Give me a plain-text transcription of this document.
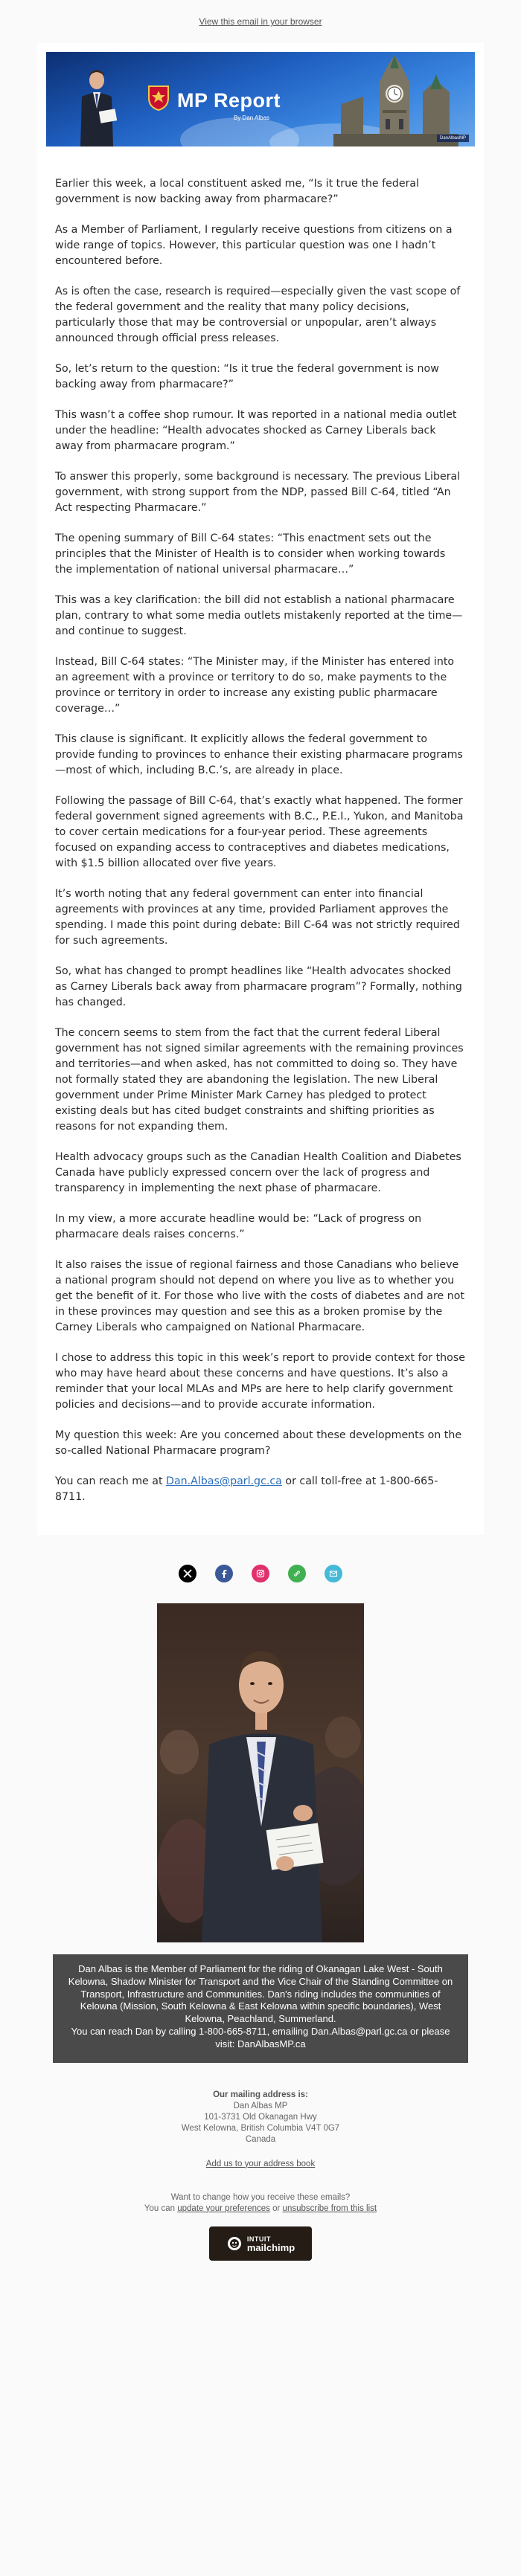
View this email in your browser
MP Report
By Dan Albas
DanAlbasMP

Earlier this week, a local constituent asked me, “Is it true the federal government is now backing away from pharmacare?”

As a Member of Parliament, I regularly receive questions from citizens on a wide range of topics. However, this particular question was one I hadn’t encountered before.

As is often the case, research is required—especially given the vast scope of the federal government and the reality that many policy decisions, particularly those that may be controversial or unpopular, aren’t always announced through official press releases.

So, let’s return to the question: “Is it true the federal government is now backing away from pharmacare?”

This wasn’t a coffee shop rumour. It was reported in a national media outlet under the headline: “Health advocates shocked as Carney Liberals back away from pharmacare program.”

To answer this properly, some background is necessary. The previous Liberal government, with strong support from the NDP, passed Bill C-64, titled “An Act respecting Pharmacare.”

The opening summary of Bill C-64 states: “This enactment sets out the principles that the Minister of Health is to consider when working towards the implementation of national universal pharmacare…”

This was a key clarification: the bill did not establish a national pharmacare plan, contrary to what some media outlets mistakenly reported at the time—and continue to suggest.

Instead, Bill C-64 states: “The Minister may, if the Minister has entered into an agreement with a province or territory to do so, make payments to the province or territory in order to increase any existing public pharmacare coverage…”

This clause is significant. It explicitly allows the federal government to provide funding to provinces to enhance their existing pharmacare programs—most of which, including B.C.’s, are already in place.

Following the passage of Bill C-64, that’s exactly what happened. The former federal government signed agreements with B.C., P.E.I., Yukon, and Manitoba to cover certain medications for a four-year period. These agreements focused on expanding access to contraceptives and diabetes medications, with $1.5 billion allocated over five years.

It’s worth noting that any federal government can enter into financial agreements with provinces at any time, provided Parliament approves the spending. I made this point during debate: Bill C-64 was not strictly required for such agreements.

So, what has changed to prompt headlines like “Health advocates shocked as Carney Liberals back away from pharmacare program”? Formally, nothing has changed.

The concern seems to stem from the fact that the current federal Liberal government has not signed similar agreements with the remaining provinces and territories—and when asked, has not committed to doing so. They have not formally stated they are abandoning the legislation. The new Liberal government under Prime Minister Mark Carney has pledged to protect existing deals but has cited budget constraints and shifting priorities as reasons for not expanding them.

Health advocacy groups such as the Canadian Health Coalition and Diabetes Canada have publicly expressed concern over the lack of progress and transparency in implementing the next phase of pharmacare.

In my view, a more accurate headline would be: “Lack of progress on pharmacare deals raises concerns.”

It also raises the issue of regional fairness and those Canadians who believe a national program should not depend on where you live as to whether you get the benefit of it. For those who live with the costs of diabetes and are not in these provinces may question and see this as a broken promise by the Carney Liberals who campaigned on National Pharmacare.

I chose to address this topic in this week’s report to provide context for those who may have heard about these concerns and have questions. It’s also a reminder that your local MLAs and MPs are here to help clarify government policies and decisions—and to provide accurate information.

My question this week: Are you concerned about these developments on the so-called National Pharmacare program?

You can reach me at Dan.Albas@parl.gc.ca or call toll-free at 1-800-665-8711.

Dan Albas is the Member of Parliament for the riding of Okanagan Lake West - South Kelowna, Shadow Minister for Transport and the Vice Chair of the Standing Committee on Transport, Infrastructure and Communities. Dan's riding includes the communities of Kelowna (Mission, South Kelowna & East Kelowna within specific boundaries), West Kelowna, Peachland, Summerland.
You can reach Dan by calling 1-800-665-8711, emailing Dan.Albas@parl.gc.ca or please visit: DanAlbasMP.ca
Our mailing address is:
Dan Albas MP
101-3731 Old Okanagan Hwy
West Kelowna, British Columbia V4T 0G7
Canada
Add us to your address book
Want to change how you receive these emails?
You can update your preferences or unsubscribe from this list
INTUIT
mailchimp
